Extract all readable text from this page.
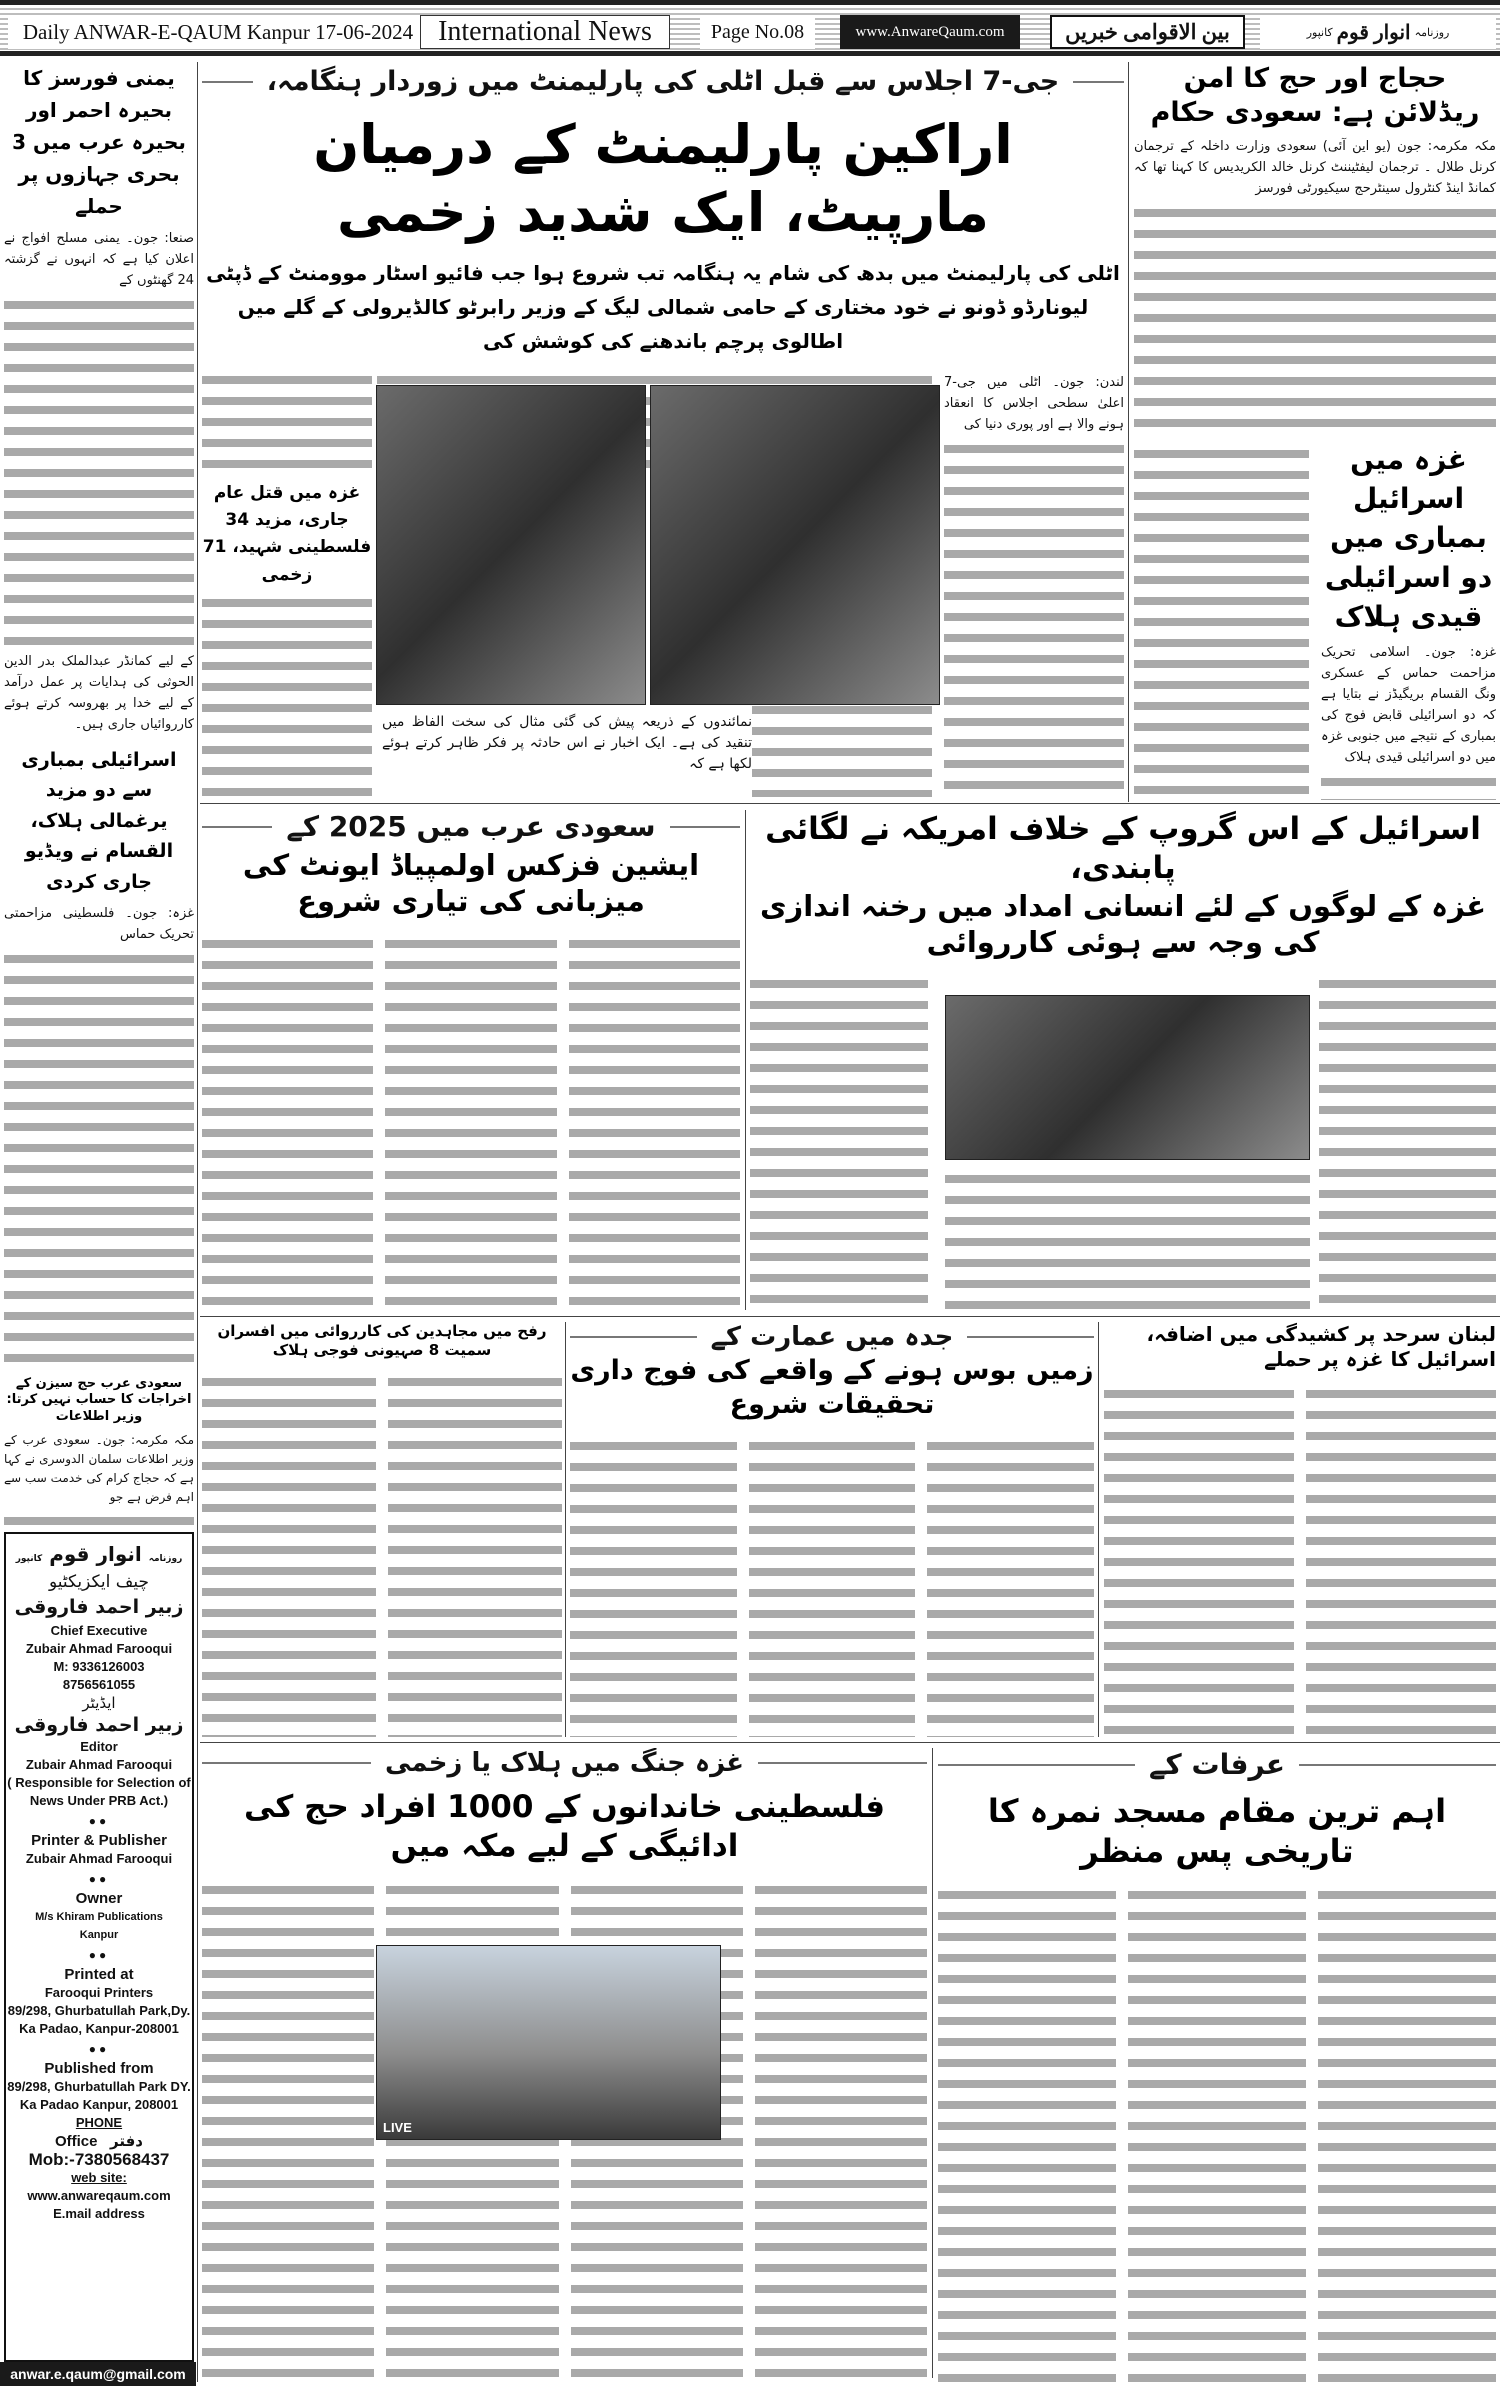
Daily ANWAR-E-QAUM Kanpur 17-06-2024 International News	Page No.08	www.AnwareQaum.com	بین الاقوامی خبریں	روزنامہ
انوار قوم
کانپور
حجاج اور حج کا امن ریڈلائن ہے: سعودی حکام
مکہ مکرمہ: جون (یو این آئی) سعودی وزارت داخلہ کے ترجمان کرنل طلال ۔ ترجمان لیفٹیننٹ کرنل خالد الکریدیس کا کہنا تھا کہ کمانڈ اینڈ کنٹرول سینٹرحج سیکیورٹی فورسز
غزہ میں اسرائیل بمباری میں دو اسرائیلی قیدی ہلاک
غزہ: جون۔ اسلامی تحریک مزاحمت حماس کے عسکری ونگ القسام بریگیڈز نے بتایا ہے کہ دو اسرائیلی قابض فوج کی بمباری کے نتیجے میں جنوبی غزہ میں دو اسرائیلی قیدی ہلاک
یمنی فورسز کا بحیرہ احمر اور بحیرہ عرب میں 3 بحری جہازوں پر حملے
صنعا: جون۔ یمنی مسلح افواج نے اعلان کیا ہے کہ انہوں نے گزشتہ 24 گھنٹوں کے
کے لیے کمانڈر عبدالملک بدر الدین الحوثی کی ہدایات پر عمل درآمد کے لیے خدا پر بھروسہ کرتے ہوئے کارروائیاں جاری ہیں۔
اسرائیلی بمباری سے دو مزید یرغمالی ہلاک، القسام نے ویڈیو جاری کردی
غزہ: جون۔ فلسطینی مزاحمتی تحریک حماس
سعودی عرب حج سیزن کے اخراجات کا حساب نہیں کرتا: وزیر اطلاعات
مکہ مکرمہ: جون۔ سعودی عرب کے وزیر اطلاعات سلمان الدوسری نے کہا ہے کہ حجاج کرام کی خدمت سب سے اہم فرض ہے جو
روزنامہ انوار قوم کانپور
چیف ایکزیکٹیو
زبیر احمد فاروقی

Chief Executive

Zubair Ahmad Farooqui

M: 9336126003

8756561055

ایڈیٹر
زبیر احمد فاروقی

Editor

Zubair Ahmad Farooqui

( Responsible for Selection of News Under PRB Act.)

●●

Printer & Publisher

Zubair Ahmad Farooqui

●●

Owner

M/s Khiram Publications

Kanpur

●●

Printed at

Farooqui Printers

89/298, Ghurbatullah Park,Dy. Ka Padao, Kanpur-208001

●●

Published from

89/298, Ghurbatullah Park DY. Ka Padao Kanpur, 208001

PHONE

Office دفتر

Mob:-7380568437

web site:

www.anwareqaum.com

E.mail address

anwar.e.qaum@gmail.com
جی-7 اجلاس سے قبل اٹلی کی پارلیمنٹ میں زوردار ہنگامہ،
اراکین پارلیمنٹ کے درمیان مارپیٹ، ایک شدید زخمی
اٹلی کی پارلیمنٹ میں بدھ کی شام یہ ہنگامہ تب شروع ہوا جب فائیو اسٹار موومنٹ کے ڈپٹی لیونارڈو ڈونو نے خود مختاری کے حامی شمالی لیگ کے وزیر رابرٹو کالڈیرولی کے گلے میں اطالوی پرچم باندھنے کی کوشش کی
لندن: جون۔ اٹلی میں جی-7 اعلیٰ سطحی اجلاس کا انعقاد ہونے والا ہے اور پوری دنیا کی
غزہ میں قتل عام جاری، مزید 34 فلسطینی شہید، 71 زخمی
نمائندوں کے ذریعہ پیش کی گئی مثال کی سخت الفاظ میں تنقید کی ہے۔ ایک اخبار نے اس حادثہ پر فکر ظاہر کرتے ہوئے لکھا ہے کہ
اسرائیل کے اس گروپ کے خلاف امریکہ نے لگائی پابندی،
غزہ کے لوگوں کے لئے انسانی امداد میں رخنہ اندازی کی وجہ سے ہوئی کارروائی
سعودی عرب میں 2025 کے
ایشین فزکس اولمپیاڈ ایونٹ کی میزبانی کی تیاری شروع
لبنان سرحد پر کشیدگی میں اضافہ، اسرائیل کا غزہ پر حملے
جدہ میں عمارت کے
زمیں بوس ہونے کے واقعے کی فوج داری تحقیقات شروع
رفح میں مجاہدین کی کارروائی میں افسران سمیت 8 صہیونی فوجی ہلاک
عرفات کے
اہم ترین مقام مسجد نمرہ کا تاریخی پس منظر
غزہ جنگ میں ہلاک یا زخمی
فلسطینی خاندانوں کے 1000 افراد حج کی ادائیگی کے لیے مکہ میں
LIVE
